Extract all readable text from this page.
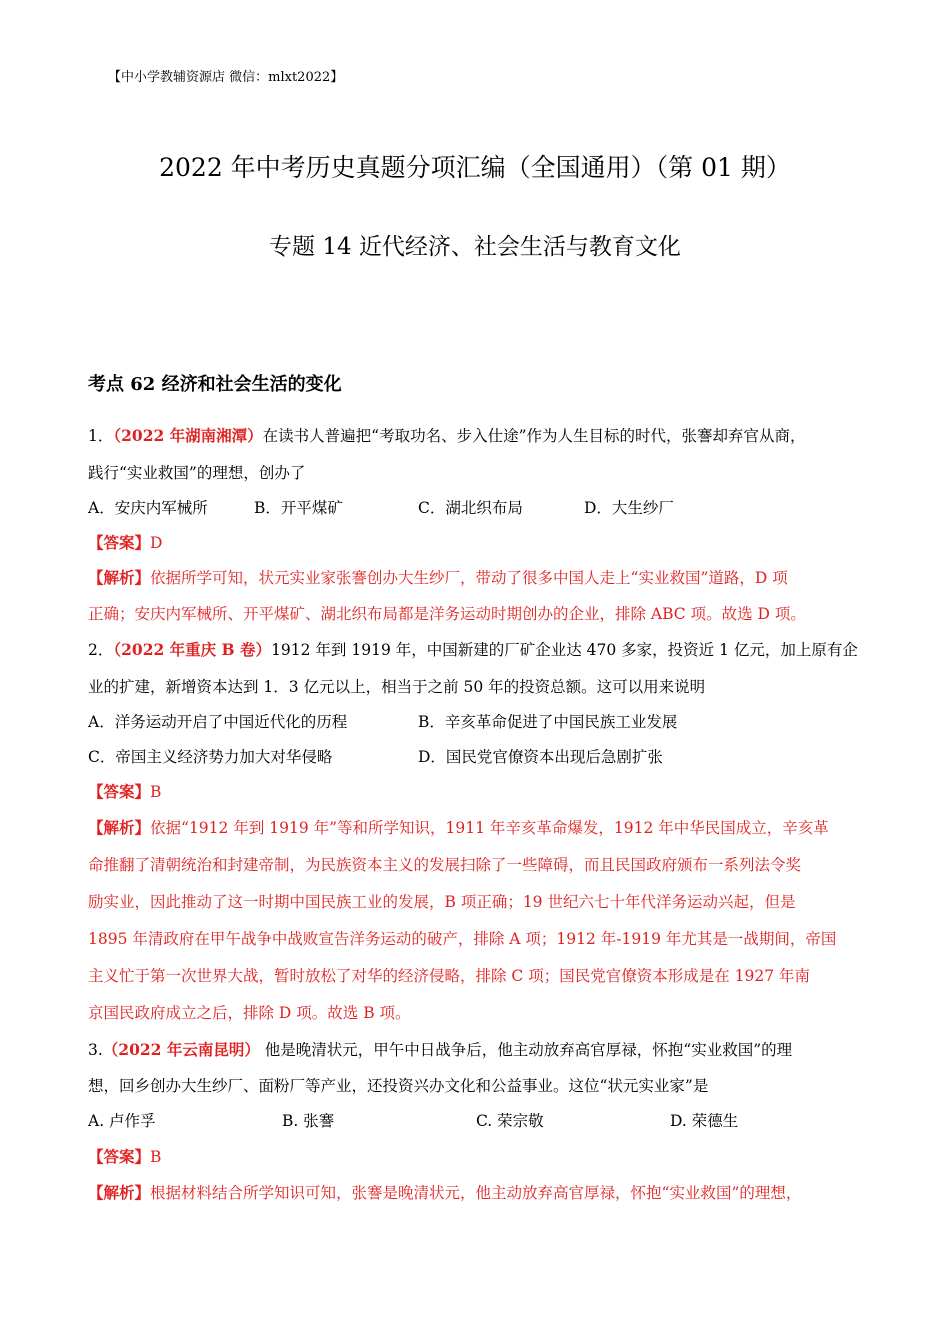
【中小学教辅资源店 微信：mlxt2022】
2022 年中考历史真题分项汇编（全国通用）（第 01 期）
专题 14 近代经济、社会生活与教育文化
考点 62 经济和社会生活的变化
1．（2022 年湖南湘潭）在读书人普遍把“考取功名、步入仕途”作为人生目标的时代，张謇却弃官从商，
践行“实业救国”的理想，创办了
A．安庆内军械所	B．开平煤矿	C．湖北织布局	D．大生纱厂
【答案】D
【解析】依据所学可知，状元实业家张謇创办大生纱厂，带动了很多中国人走上“实业救国”道路，D 项
正确；安庆内军械所、开平煤矿、湖北织布局都是洋务运动时期创办的企业，排除 ABC 项。故选 D 项。
2．（2022 年重庆 B 卷）1912 年到 1919 年，中国新建的厂矿企业达 470 多家，投资近 1 亿元，加上原有企
业的扩建，新增资本达到 1．3 亿元以上，相当于之前 50 年的投资总额。这可以用来说明
A．洋务运动开启了中国近代化的历程	B．辛亥革命促进了中国民族工业发展
C．帝国主义经济势力加大对华侵略	D．国民党官僚资本出现后急剧扩张
【答案】B
【解析】依据“1912 年到 1919 年”等和所学知识，1911 年辛亥革命爆发，1912 年中华民国成立，辛亥革
命推翻了清朝统治和封建帝制，为民族资本主义的发展扫除了一些障碍，而且民国政府颁布一系列法令奖
励实业，因此推动了这一时期中国民族工业的发展，B 项正确；19 世纪六七十年代洋务运动兴起，但是
1895 年清政府在甲午战争中战败宣告洋务运动的破产，排除 A 项；1912 年-1919 年尤其是一战期间，帝国
主义忙于第一次世界大战，暂时放松了对华的经济侵略，排除 C 项；国民党官僚资本形成是在 1927 年南
京国民政府成立之后，排除 D 项。故选 B 项。
3.（2022 年云南昆明） 他是晚清状元，甲午中日战争后，他主动放弃高官厚禄，怀抱“实业救国”的理
想，回乡创办大生纱厂、面粉厂等产业，还投资兴办文化和公益事业。这位“状元实业家”是
A. 卢作孚	B. 张謇	C. 荣宗敬	D. 荣德生
【答案】B
【解析】根据材料结合所学知识可知，张謇是晚清状元，他主动放弃高官厚禄，怀抱“实业救国”的理想，
